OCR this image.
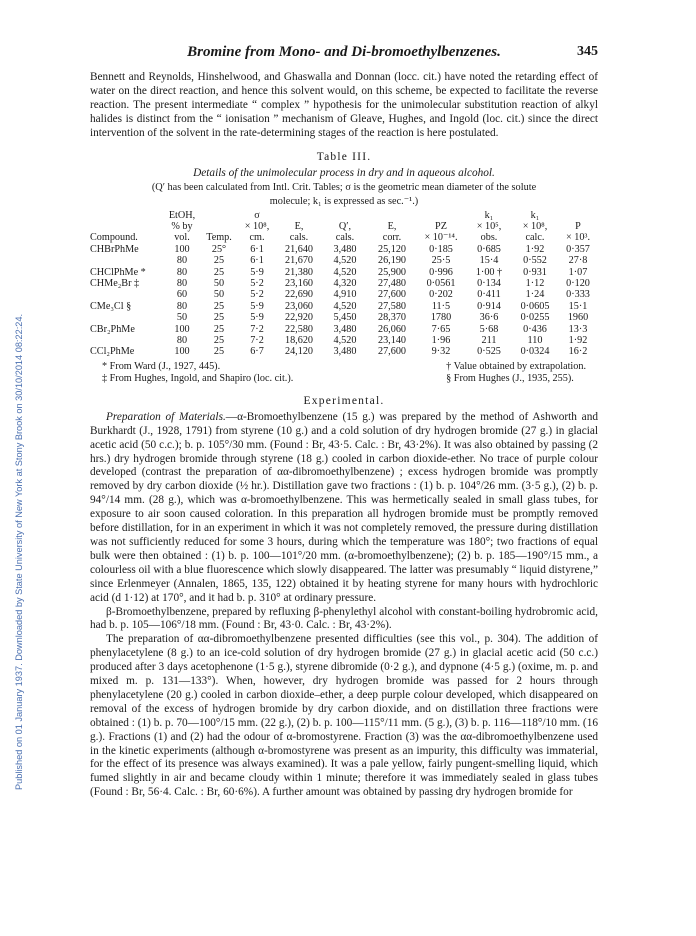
Published on 01 January 1937. Downloaded by State University of New York at Stony Brook on 30/10/2014 08:22:24.
Bromine from Mono- and Di-bromoethylbenzenes.	345

Bennett and Reynolds, Hinshelwood, and Ghaswalla and Donnan (locc. cit.) have noted the retarding effect of water on the direct reaction, and hence this solvent would, on this scheme, be expected to facilitate the reverse reaction. The present intermediate “ complex ” hypothesis for the unimolecular substitution reaction of alkyl halides is distinct from the “ ionisation ” mechanism of Gleave, Hughes, and Ingold (loc. cit.) since the direct intervention of the solvent in the rate-determining stages of the reaction is here postulated.

Table III.
Details of the unimolecular process in dry and in aqueous alcohol.
(Q′ has been calculated from Intl. Crit. Tables; σ is the geometric mean diameter of the solute
molecule; k₁ is expressed as sec.⁻¹.)
	EtOH,		σ					k₁	k₁	
	% by		× 10⁸,	E,	Q′,	E,	PZ	× 10⁵,	× 10⁸,	P
Compound.	vol.	Temp.	cm.	cals.	cals.	corr.	× 10⁻¹⁴.	obs.	calc.	× 10³.
CHBrPhMe	100	25°	6·1	21,640	3,480	25,120	0·185	0·685	1·92	0·357
	80	25	6·1	21,670	4,520	26,190	25·5	15·4	0·552	27·8
CHClPhMe *	80	25	5·9	21,380	4,520	25,900	0·996	1·00 †	0·931	1·07
CHMe₂Br ‡	80	50	5·2	23,160	4,320	27,480	0·0561	0·134	1·12	0·120
	60	50	5·2	22,690	4,910	27,600	0·202	0·411	1·24	0·333
CMe₃Cl §	80	25	5·9	23,060	4,520	27,580	11·5	0·914	0·0605	15·1
	50	25	5·9	22,920	5,450	28,370	1780	36·6	0·0255	1960
CBr₂PhMe	100	25	7·2	22,580	3,480	26,060	7·65	5·68	0·436	13·3
	80	25	7·2	18,620	4,520	23,140	1·96	211	110	1·92
CCl₂PhMe	100	25	6·7	24,120	3,480	27,600	9·32	0·525	0·0324	16·2
* From Ward (J., 1927, 445).
‡ From Hughes, Ingold, and Shapiro (loc. cit.).
† Value obtained by extrapolation.
§ From Hughes (J., 1935, 255).
Experimental.

Preparation of Materials.—α-Bromoethylbenzene (15 g.) was prepared by the method of Ashworth and Burkhardt (J., 1928, 1791) from styrene (10 g.) and a cold solution of dry hydrogen bromide (27 g.) in glacial acetic acid (50 c.c.); b. p. 105°/30 mm. (Found : Br, 43·5. Calc. : Br, 43·2%). It was also obtained by passing (2 hrs.) dry hydrogen bromide through styrene (18 g.) cooled in carbon dioxide-ether. No trace of purple colour developed (contrast the preparation of αα-dibromoethylbenzene) ; excess hydrogen bromide was promptly removed by dry carbon dioxide (½ hr.). Distillation gave two fractions : (1) b. p. 104°/26 mm. (3·5 g.), (2) b. p. 94°/14 mm. (28 g.), which was α-bromoethylbenzene. This was hermetically sealed in small glass tubes, for exposure to air soon caused coloration. In this preparation all hydrogen bromide must be promptly removed before distillation, for in an experiment in which it was not completely removed, the pressure during distillation was not sufficiently reduced for some 3 hours, during which the temperature was 180°; two fractions of equal bulk were then obtained : (1) b. p. 100—101°/20 mm. (α-bromoethylbenzene); (2) b. p. 185—190°/15 mm., a colourless oil with a blue fluorescence which slowly disappeared. The latter was presumably “ liquid distyrene,” since Erlenmeyer (Annalen, 1865, 135, 122) obtained it by heating styrene for many hours with hydrochloric acid (d 1·12) at 170°, and it had b. p. 310° at ordinary pressure.

β-Bromoethylbenzene, prepared by refluxing β-phenylethyl alcohol with constant-boiling hydrobromic acid, had b. p. 105—106°/18 mm. (Found : Br, 43·0. Calc. : Br, 43·2%).

The preparation of αα-dibromoethylbenzene presented difficulties (see this vol., p. 304). The addition of phenylacetylene (8 g.) to an ice-cold solution of dry hydrogen bromide (27 g.) in glacial acetic acid (50 c.c.) produced after 3 days acetophenone (1·5 g.), styrene dibromide (0·2 g.), and dypnone (4·5 g.) (oxime, m. p. and mixed m. p. 131—133°). When, however, dry hydrogen bromide was passed for 2 hours through phenylacetylene (20 g.) cooled in carbon dioxide–ether, a deep purple colour developed, which disappeared on removal of the excess of hydrogen bromide by dry carbon dioxide, and on distillation three fractions were obtained : (1) b. p. 70—100°/15 mm. (22 g.), (2) b. p. 100—115°/11 mm. (5 g.), (3) b. p. 116—118°/10 mm. (16 g.). Fractions (1) and (2) had the odour of α-bromostyrene. Fraction (3) was the αα-dibromoethylbenzene used in the kinetic experiments (although α-bromostyrene was present as an impurity, this difficulty was immaterial, for the effect of its presence was always examined). It was a pale yellow, fairly pungent-smelling liquid, which fumed slightly in air and became cloudy within 1 minute; therefore it was immediately sealed in glass tubes (Found : Br, 56·4. Calc. : Br, 60·6%). A further amount was obtained by passing dry hydrogen bromide for
